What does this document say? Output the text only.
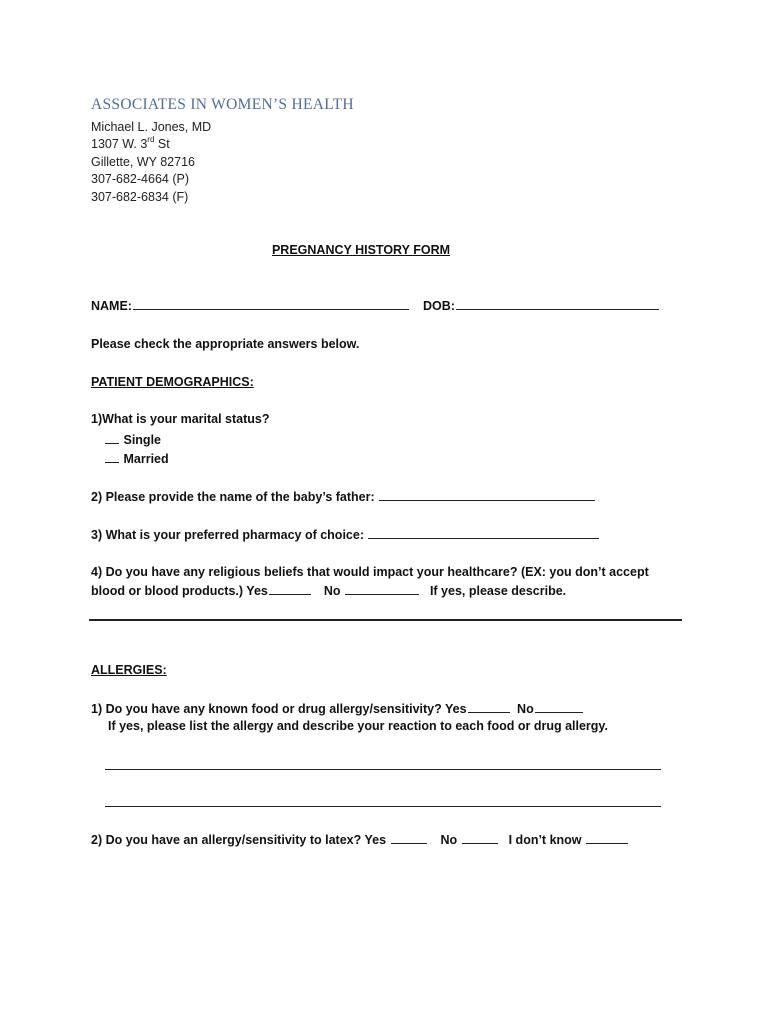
ASSOCIATES IN WOMEN’S HEALTH
Michael L. Jones, MD
1307 W. 3rd St
Gillette, WY 82716
307-682-4664 (P)
307-682-6834 (F)
PREGNANCY HISTORY FORM
NAME:	DOB:
Please check the appropriate answers below.
PATIENT DEMOGRAPHICS:
1)What is your marital status?
Single
Married
2) Please provide the name of the baby’s father:
3) What is your preferred pharmacy of choice:
4) Do you have any religious beliefs that would impact your healthcare? (EX: you don’t accept
blood or blood products.) Yes	No	If yes, please describe.
ALLERGIES:
1) Do you have any known food or drug allergy/sensitivity? Yes	No
If yes, please list the allergy and describe your reaction to each food or drug allergy.
2) Do you have an allergy/sensitivity to latex? Yes	No	I don’t know
